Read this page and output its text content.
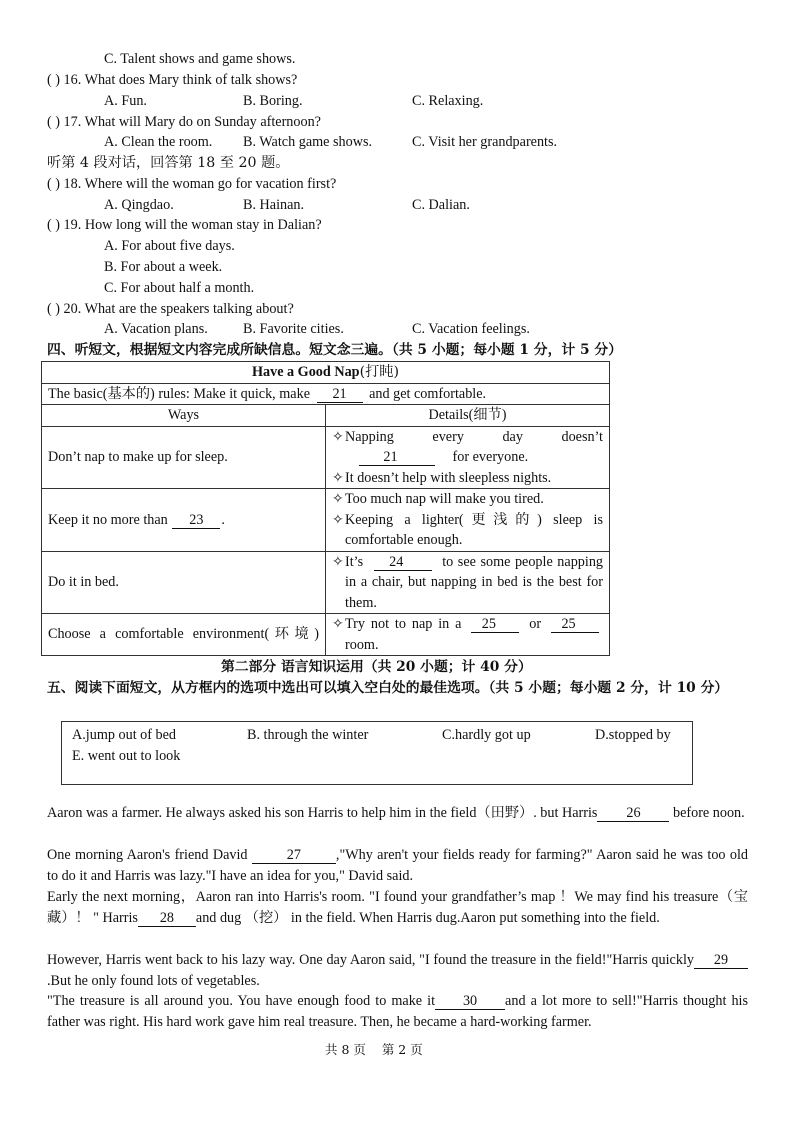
C. Talent shows and game shows.
( ) 16. What does Mary think of talk shows?
A. Fun.	B. Boring.	C. Relaxing.
( ) 17. What will Mary do on Sunday afternoon?
A. Clean the room. B. Watch game shows.	C. Visit her grandparents.
听第 4 段对话，回答第 18 至 20 题。
( ) 18. Where will the woman go for vacation first?
A. Qingdao.	B. Hainan.	C. Dalian.
( ) 19. How long will the woman stay in Dalian?
A. For about five days.
B. For about a week.
C. For about half a month.
( ) 20. What are the speakers talking about?
A. Vacation plans. B. Favorite cities.	C. Vacation feelings.
四、听短文，根据短文内容完成所缺信息。短文念三遍。（共 5 小题；每小题 1 分，计 5 分）
Have a Good Nap(打盹)	
The basic(基本的) rules: Make it quick, make 21 and get comfortable.	
Ways	Details(细节)
Don’t nap to make up for sleep.	✧Napping every day doesn’t 21 for everyone.
✧It doesn’t help with sleepless nights.

Keep it no more than 23 .	✧Too much nap will make you tired.
✧Keeping a lighter(更浅的) sleep is comfortable enough.

Do it in bed.	✧It’s 24 to see some people napping in a chair, but napping in bed is the best for them.

Choose a comfortable environment(环境)	✧Try not to nap in a 25 or 25 room.
第二部分 语言知识运用（共 20 小题；计 40 分）
五、阅读下面短文，从方框内的选项中选出可以填入空白处的最佳选项。（共 5 小题；每小题 2 分，计 10 分）
A.jump out of bed	B. through the winter	C.hardly got up	D.stopped by
E. went out to look
Aaron was a farmer. He always asked his son Harris to help him in the field（田野）. but Harris 26 before noon.
One morning Aaron's friend David	27 ,"Why aren't your fields ready for farming?" Aaron said he was too old to do it and Harris was lazy."I have an idea for you," David said.
Early the next morning，Aaron ran into Harris's room. "I found your grandfather’s map ！We may find his treasure（宝藏）！ " Harris 28 and dug （挖） in the field. When Harris dug.Aaron put something into the field.
However, Harris went back to his lazy way. One day Aaron said, "I found the treasure in the field!"Harris quickly 29.But he only found lots of vegetables.
"The treasure is all around you. You have enough food to make it 30 and a lot more to sell!"Harris thought his father was right. His hard work gave him real treasure. Then, he became a hard-working farmer.
共 8 页 第 2 页
